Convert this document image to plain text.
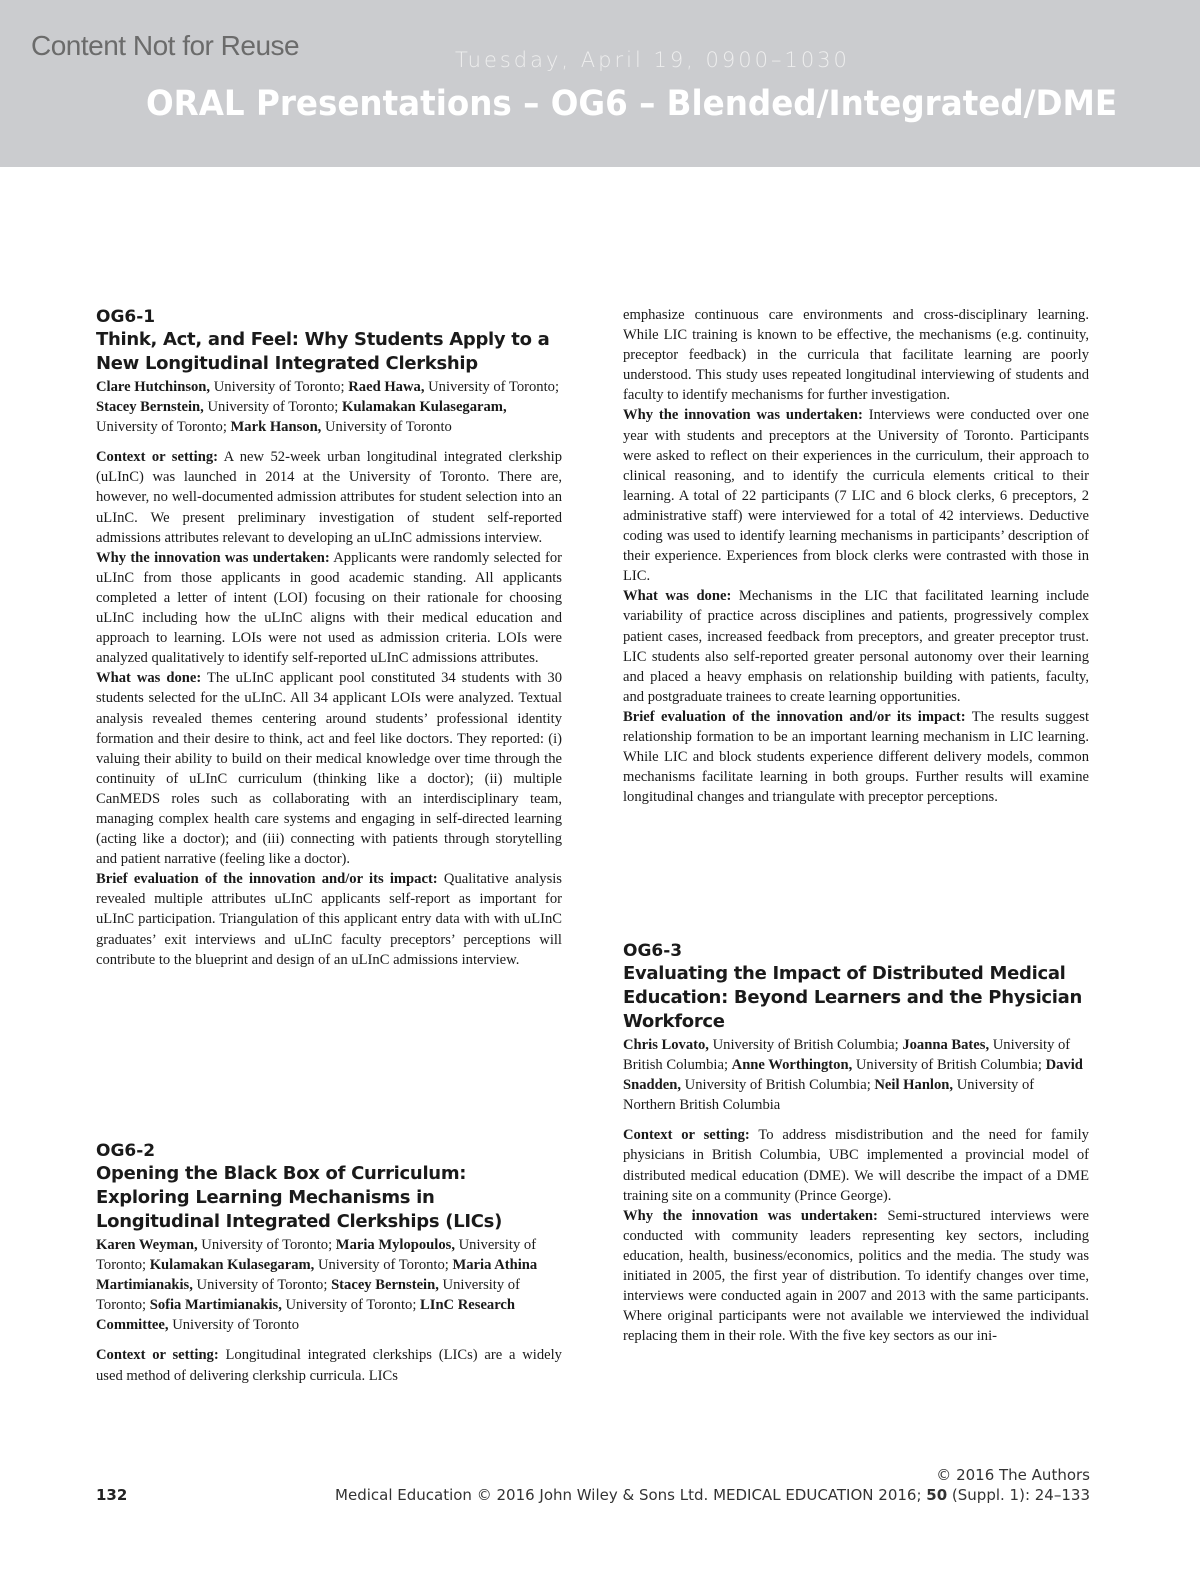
Content Not for Reuse	Tuesday, April 19, 0900–1030
ORAL Presentations – OG6 – Blended/Integrated/DME
OG6-1
Think, Act, and Feel: Why Students Apply to a New Longitudinal Integrated Clerkship
Clare Hutchinson, University of Toronto; Raed Hawa, University of Toronto; Stacey Bernstein, University of Toronto; Kulamakan Kulasegaram, University of Toronto; Mark Hanson, University of Toronto
Context or setting: A new 52-week urban longitudinal integrated clerkship (uLInC) was launched in 2014 at the University of Toronto. There are, however, no well-documented admission attributes for student selection into an uLInC. We present preliminary investigation of student self-reported admissions attributes relevant to developing an uLInC admissions interview.
Why the innovation was undertaken: Applicants were randomly selected for uLInC from those applicants in good academic standing. All applicants completed a letter of intent (LOI) focusing on their rationale for choosing uLInC including how the uLInC aligns with their medical education and approach to learning. LOIs were not used as admission criteria. LOIs were analyzed qualitatively to identify self-reported uLInC admissions attributes.
What was done: The uLInC applicant pool constituted 34 students with 30 students selected for the uLInC. All 34 applicant LOIs were analyzed. Textual analysis revealed themes centering around students’ professional identity formation and their desire to think, act and feel like doctors. They reported: (i) valuing their ability to build on their medical knowledge over time through the continuity of uLInC curriculum (thinking like a doctor); (ii) multiple CanMEDS roles such as collaborating with an interdisciplinary team, managing complex health care systems and engaging in self-directed learning (acting like a doctor); and (iii) connecting with patients through storytelling and patient narrative (feeling like a doctor).
Brief evaluation of the innovation and/or its impact: Qualitative analysis revealed multiple attributes uLInC applicants self-report as important for uLInC participation. Triangulation of this applicant entry data with with uLInC graduates’ exit interviews and uLInC faculty preceptors’ perceptions will contribute to the blueprint and design of an uLInC admissions interview.
OG6-2
Opening the Black Box of Curriculum: Exploring Learning Mechanisms in Longitudinal Integrated Clerkships (LICs)
Karen Weyman, University of Toronto; Maria Mylopoulos, University of Toronto; Kulamakan Kulasegaram, University of Toronto; Maria Athina Martimianakis, University of Toronto; Stacey Bernstein, University of Toronto; Sofia Martimianakis, University of Toronto; LInC Research Committee, University of Toronto
Context or setting: Longitudinal integrated clerkships (LICs) are a widely used method of delivering clerkship curricula. LICs
emphasize continuous care environments and cross-disciplinary learning. While LIC training is known to be effective, the mechanisms (e.g. continuity, preceptor feedback) in the curricula that facilitate learning are poorly understood. This study uses repeated longitudinal interviewing of students and faculty to identify mechanisms for further investigation.
Why the innovation was undertaken: Interviews were conducted over one year with students and preceptors at the University of Toronto. Participants were asked to reflect on their experiences in the curriculum, their approach to clinical reasoning, and to identify the curricula elements critical to their learning. A total of 22 participants (7 LIC and 6 block clerks, 6 preceptors, 2 administrative staff) were interviewed for a total of 42 interviews. Deductive coding was used to identify learning mechanisms in participants’ description of their experience. Experiences from block clerks were contrasted with those in LIC.
What was done: Mechanisms in the LIC that facilitated learning include variability of practice across disciplines and patients, progressively complex patient cases, increased feedback from preceptors, and greater preceptor trust. LIC students also self-reported greater personal autonomy over their learning and placed a heavy emphasis on relationship building with patients, faculty, and postgraduate trainees to create learning opportunities.
Brief evaluation of the innovation and/or its impact: The results suggest relationship formation to be an important learning mechanism in LIC learning. While LIC and block students experience different delivery models, common mechanisms facilitate learning in both groups. Further results will examine longitudinal changes and triangulate with preceptor perceptions.
OG6-3
Evaluating the Impact of Distributed Medical Education: Beyond Learners and the Physician Workforce
Chris Lovato, University of British Columbia; Joanna Bates, University of British Columbia; Anne Worthington, University of British Columbia; David Snadden, University of British Columbia; Neil Hanlon, University of Northern British Columbia
Context or setting: To address misdistribution and the need for family physicians in British Columbia, UBC implemented a provincial model of distributed medical education (DME). We will describe the impact of a DME training site on a community (Prince George).
Why the innovation was undertaken: Semi-structured interviews were conducted with community leaders representing key sectors, including education, health, business/economics, politics and the media. The study was initiated in 2005, the first year of distribution. To identify changes over time, interviews were conducted again in 2007 and 2013 with the same participants. Where original participants were not available we interviewed the individual replacing them in their role. With the five key sectors as our ini-
© 2016 The Authors
132	Medical Education © 2016 John Wiley & Sons Ltd. MEDICAL EDUCATION 2016; 50 (Suppl. 1): 24–133
